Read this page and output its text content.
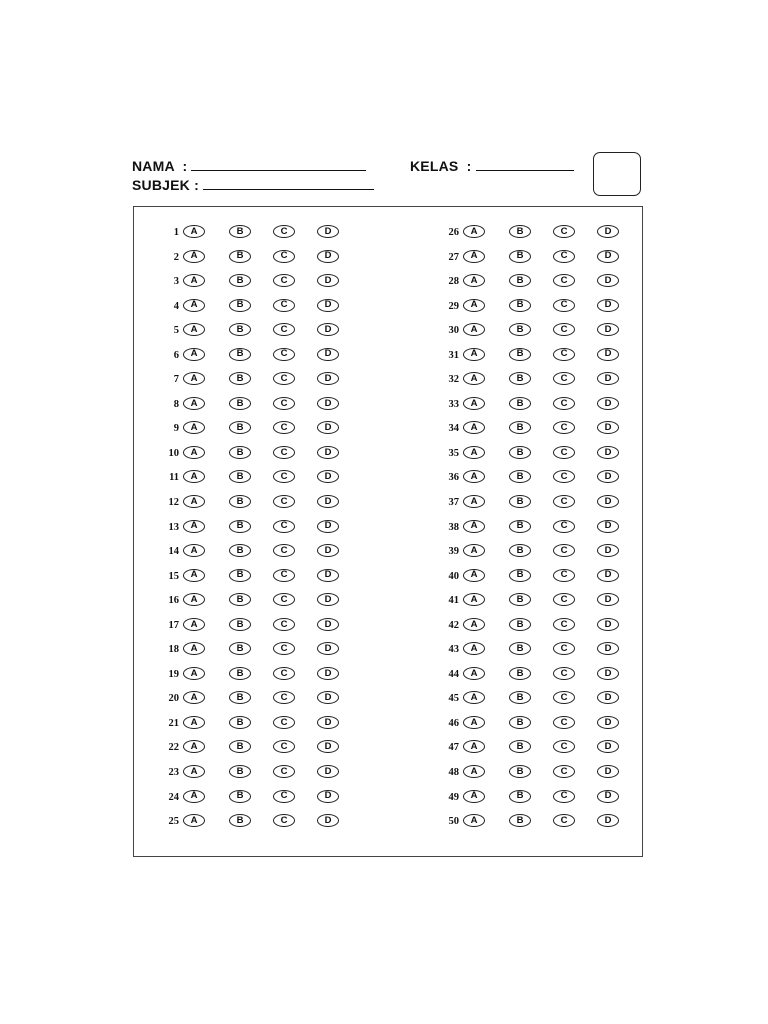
NAMA  :
SUBJEK :
KELAS  :
1	A	B	C	D
2	A	B	C	D
3	A	B	C	D
4	A	B	C	D
5	A	B	C	D
6	A	B	C	D
7	A	B	C	D
8	A	B	C	D
9	A	B	C	D
10	A	B	C	D
11	A	B	C	D
12	A	B	C	D
13	A	B	C	D
14	A	B	C	D
15	A	B	C	D
16	A	B	C	D
17	A	B	C	D
18	A	B	C	D
19	A	B	C	D
20	A	B	C	D
21	A	B	C	D
22	A	B	C	D
23	A	B	C	D
24	A	B	C	D
25	A	B	C	D
26	A	B	C	D
27	A	B	C	D
28	A	B	C	D
29	A	B	C	D
30	A	B	C	D
31	A	B	C	D
32	A	B	C	D
33	A	B	C	D
34	A	B	C	D
35	A	B	C	D
36	A	B	C	D
37	A	B	C	D
38	A	B	C	D
39	A	B	C	D
40	A	B	C	D
41	A	B	C	D
42	A	B	C	D
43	A	B	C	D
44	A	B	C	D
45	A	B	C	D
46	A	B	C	D
47	A	B	C	D
48	A	B	C	D
49	A	B	C	D
50	A	B	C	D
